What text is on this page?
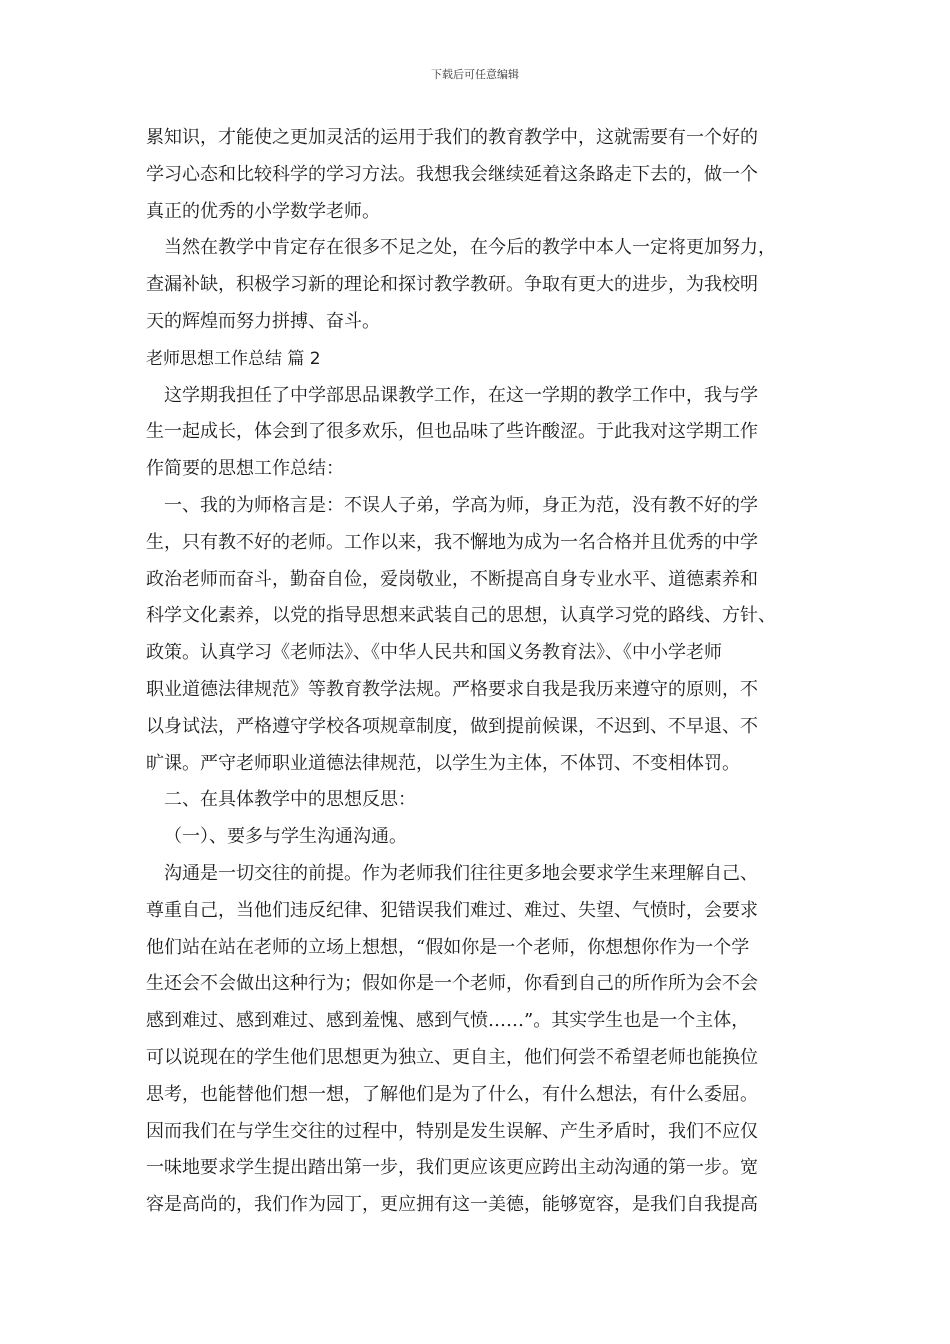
下载后可任意编辑
累知识，才能使之更加灵活的运用于我们的教育教学中，这就需要有一个好的
学习心态和比较科学的学习方法。我想我会继续延着这条路走下去的，做一个
真正的优秀的小学数学老师。
当然在教学中肯定存在很多不足之处，在今后的教学中本人一定将更加努力，
查漏补缺，积极学习新的理论和探讨教学教研。争取有更大的进步，为我校明
天的辉煌而努力拼搏、奋斗。
老师思想工作总结 篇 2
这学期我担任了中学部思品课教学工作，在这一学期的教学工作中，我与学
生一起成长，体会到了很多欢乐，但也品味了些许酸涩。于此我对这学期工作
作简要的思想工作总结：
一、我的为师格言是：不误人子弟，学高为师，身正为范，没有教不好的学
生，只有教不好的老师。工作以来，我不懈地为成为一名合格并且优秀的中学
政治老师而奋斗，勤奋自俭，爱岗敬业，不断提高自身专业水平、道德素养和
科学文化素养，以党的指导思想来武装自己的思想，认真学习党的路线、方针、
政策。认真学习《老师法》、《中华人民共和国义务教育法》、《中小学老师
职业道德法律规范》等教育教学法规。严格要求自我是我历来遵守的原则，不
以身试法，严格遵守学校各项规章制度，做到提前候课，不迟到、不早退、不
旷课。严守老师职业道德法律规范，以学生为主体，不体罚、不变相体罚。
二、在具体教学中的思想反思：
（一）、要多与学生沟通沟通。
沟通是一切交往的前提。作为老师我们往往更多地会要求学生来理解自己、
尊重自己，当他们违反纪律、犯错误我们难过、难过、失望、气愤时，会要求
他们站在站在老师的立场上想想，“假如你是一个老师，你想想你作为一个学
生还会不会做出这种行为；假如你是一个老师，你看到自己的所作所为会不会
感到难过、感到难过、感到羞愧、感到气愤……”。其实学生也是一个主体，
可以说现在的学生他们思想更为独立、更自主，他们何尝不希望老师也能换位
思考，也能替他们想一想，了解他们是为了什么，有什么想法，有什么委屈。
因而我们在与学生交往的过程中，特别是发生误解、产生矛盾时，我们不应仅
一味地要求学生提出踏出第一步，我们更应该更应跨出主动沟通的第一步。宽
容是高尚的，我们作为园丁，更应拥有这一美德，能够宽容，是我们自我提高
